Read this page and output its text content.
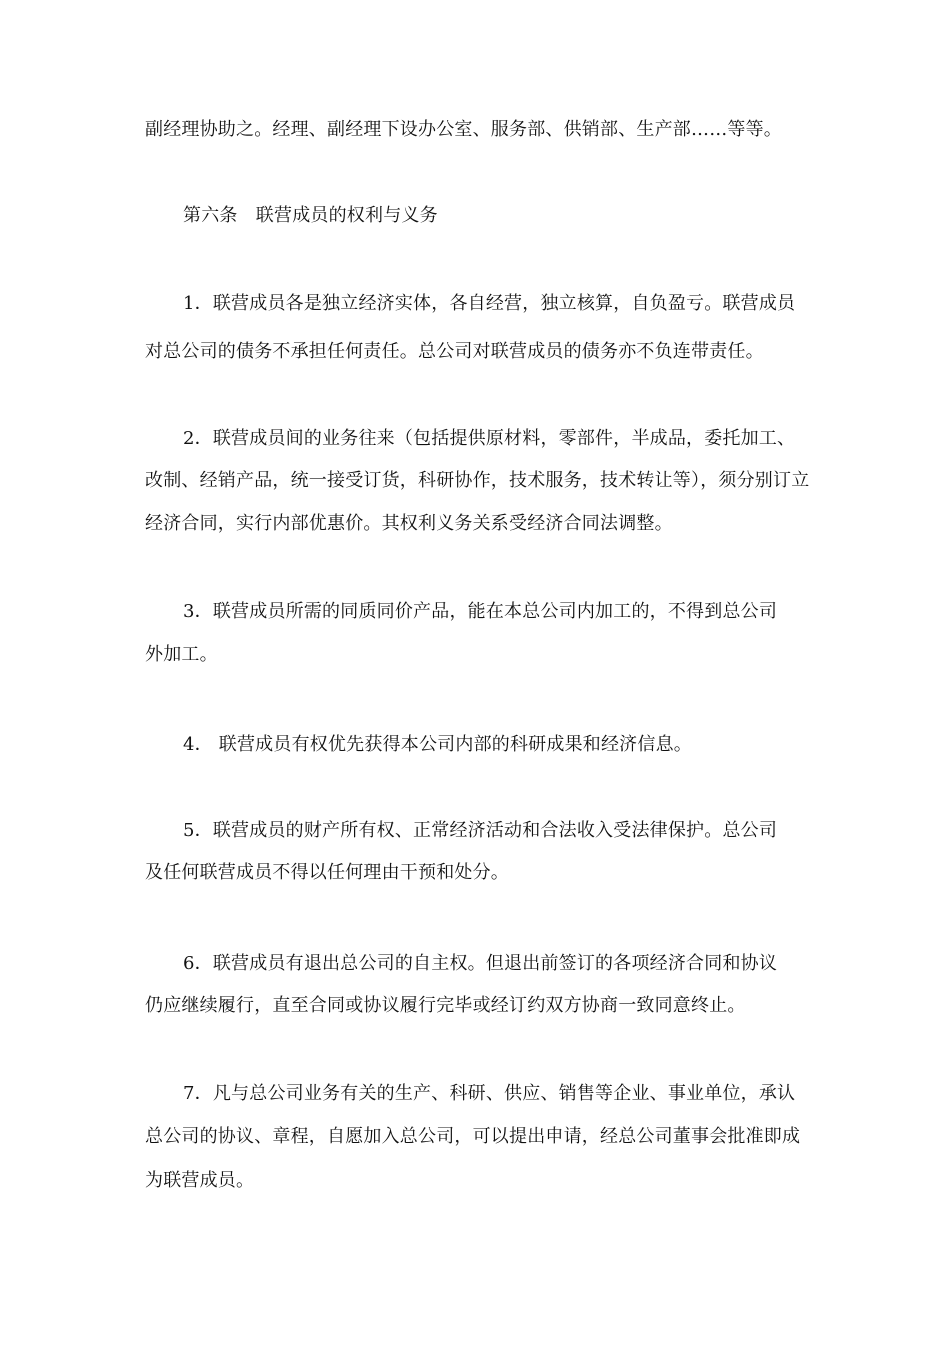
副经理协助之。经理、副经理下设办公室、服务部、供销部、生产部……等等。
第六条　联营成员的权利与义务
1．联营成员各是独立经济实体，各自经营，独立核算，自负盈亏。联营成员
对总公司的债务不承担任何责任。总公司对联营成员的债务亦不负连带责任。
2．联营成员间的业务往来（包括提供原材料，零部件，半成品，委托加工、
改制、经销产品，统一接受订货，科研协作，技术服务，技术转让等），须分别订立
经济合同，实行内部优惠价。其权利义务关系受经济合同法调整。
3．联营成员所需的同质同价产品，能在本总公司内加工的，不得到总公司
外加工。
4． 联营成员有权优先获得本公司内部的科研成果和经济信息。
5．联营成员的财产所有权、正常经济活动和合法收入受法律保护。总公司
及任何联营成员不得以任何理由干预和处分。
6．联营成员有退出总公司的自主权。但退出前签订的各项经济合同和协议
仍应继续履行，直至合同或协议履行完毕或经订约双方协商一致同意终止。
7．凡与总公司业务有关的生产、科研、供应、销售等企业、事业单位，承认
总公司的协议、章程，自愿加入总公司，可以提出申请，经总公司董事会批准即成
为联营成员。
